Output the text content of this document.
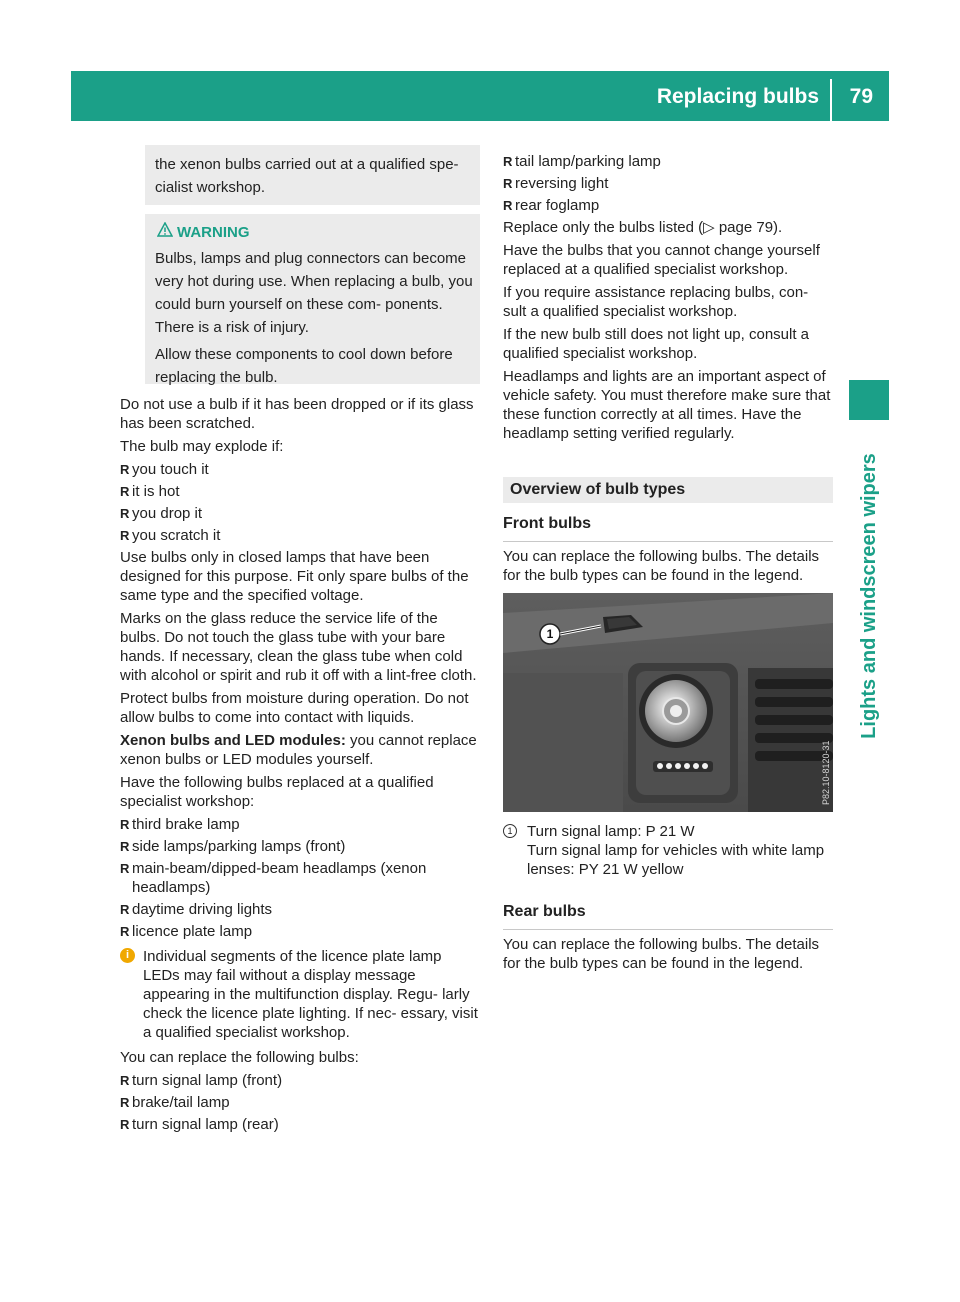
Replacing bulbs 79
Lights and windscreen wipers

the xenon bulbs carried out at a qualified spe-
cialist workshop.

WARNING

Bulbs, lamps and plug connectors can become very hot during use. When replacing a bulb, you could burn yourself on these com- ponents. There is a risk of injury.

Allow these components to cool down before replacing the bulb.

Do not use a bulb if it has been dropped or if its glass has been scratched.

The bulb may explode if:

R you touch it
R it is hot
R you drop it
R you scratch it

Use bulbs only in closed lamps that have been designed for this purpose. Fit only spare bulbs of the same type and the specified voltage.

Marks on the glass reduce the service life of the bulbs. Do not touch the glass tube with your bare hands. If necessary, clean the glass tube when cold with alcohol or spirit and rub it off with a lint-free cloth.

Protect bulbs from moisture during operation. Do not allow bulbs to come into contact with liquids.

Xenon bulbs and LED modules: you cannot replace xenon bulbs or LED modules yourself.

Have the following bulbs replaced at a qualified specialist workshop:

R third brake lamp
R side lamps/parking lamps (front)
R main-beam/dipped-beam headlamps (xenon headlamps)
R daytime driving lights
R licence plate lamp
i Individual segments of the licence plate lamp LEDs may fail without a display message appearing in the multifunction display. Regu- larly check the licence plate lighting. If nec- essary, visit a qualified specialist workshop.

You can replace the following bulbs:

R turn signal lamp (front)
R brake/tail lamp
R turn signal lamp (rear)
R tail lamp/parking lamp
R reversing light
R rear foglamp

Replace only the bulbs listed (▷ page 79).

Have the bulbs that you cannot change yourself replaced at a qualified specialist workshop.

If you require assistance replacing bulbs, con- sult a qualified specialist workshop.

If the new bulb still does not light up, consult a qualified specialist workshop.

Headlamps and lights are an important aspect of vehicle safety. You must therefore make sure that these function correctly at all times. Have the headlamp setting verified regularly.

Overview of bulb types
Front bulbs

You can replace the following bulbs. The details for the bulb types can be found in the legend.

1
P82.10-8120-31
1 Turn signal lamp: P 21 W
Turn signal lamp for vehicles with white lamp lenses: PY 21 W yellow
Rear bulbs

You can replace the following bulbs. The details for the bulb types can be found in the legend.
